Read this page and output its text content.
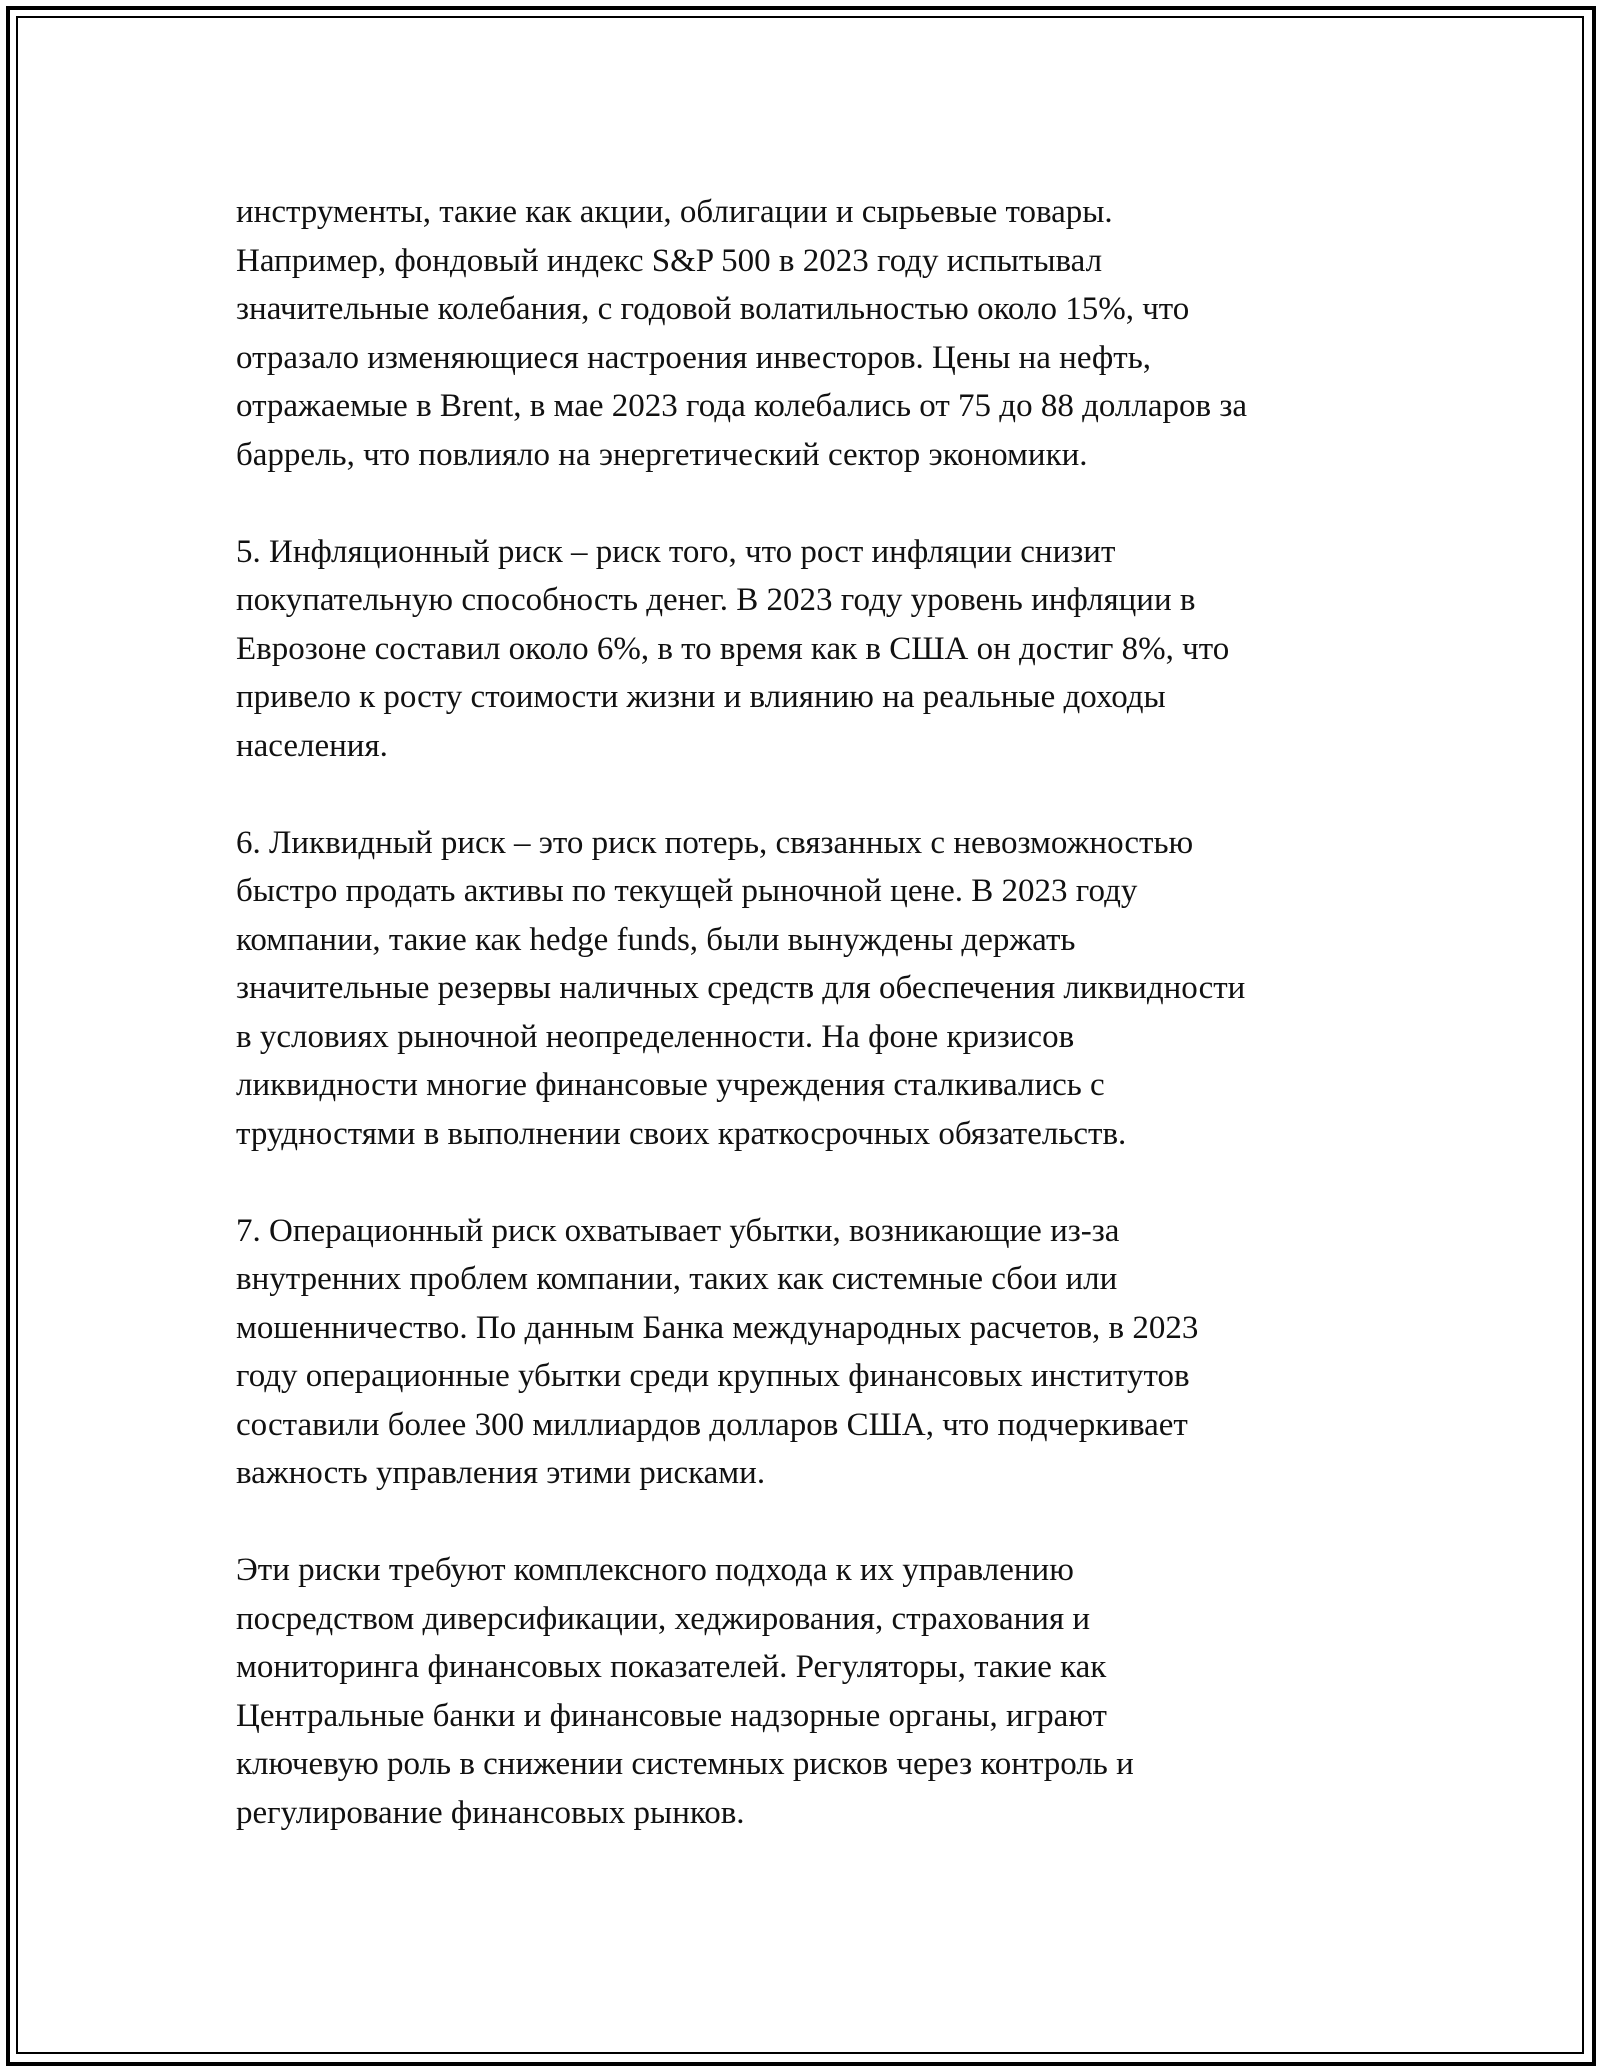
инструменты, такие как акции, облигации и сырьевые товары.
Например, фондовый индекс S&P 500 в 2023 году испытывал
значительные колебания, с годовой волатильностью около 15%, что
отразало изменяющиеся настроения инвесторов. Цены на нефть,
отражаемые в Brent, в мае 2023 года колебались от 75 до 88 долларов за
баррель, что повлияло на энергетический сектор экономики.

5. Инфляционный риск – риск того, что рост инфляции снизит
покупательную способность денег. В 2023 году уровень инфляции в
Еврозоне составил около 6%, в то время как в США он достиг 8%, что
привело к росту стоимости жизни и влиянию на реальные доходы
населения.

6. Ликвидный риск – это риск потерь, связанных с невозможностью
быстро продать активы по текущей рыночной цене. В 2023 году
компании, такие как hedge funds, были вынуждены держать
значительные резервы наличных средств для обеспечения ликвидности
в условиях рыночной неопределенности. На фоне кризисов
ликвидности многие финансовые учреждения сталкивались с
трудностями в выполнении своих краткосрочных обязательств.

7. Операционный риск охватывает убытки, возникающие из-за
внутренних проблем компании, таких как системные сбои или
мошенничество. По данным Банка международных расчетов, в 2023
году операционные убытки среди крупных финансовых институтов
составили более 300 миллиардов долларов США, что подчеркивает
важность управления этими рисками.

Эти риски требуют комплексного подхода к их управлению
посредством диверсификации, хеджирования, страхования и
мониторинга финансовых показателей. Регуляторы, такие как
Центральные банки и финансовые надзорные органы, играют
ключевую роль в снижении системных рисков через контроль и
регулирование финансовых рынков.
